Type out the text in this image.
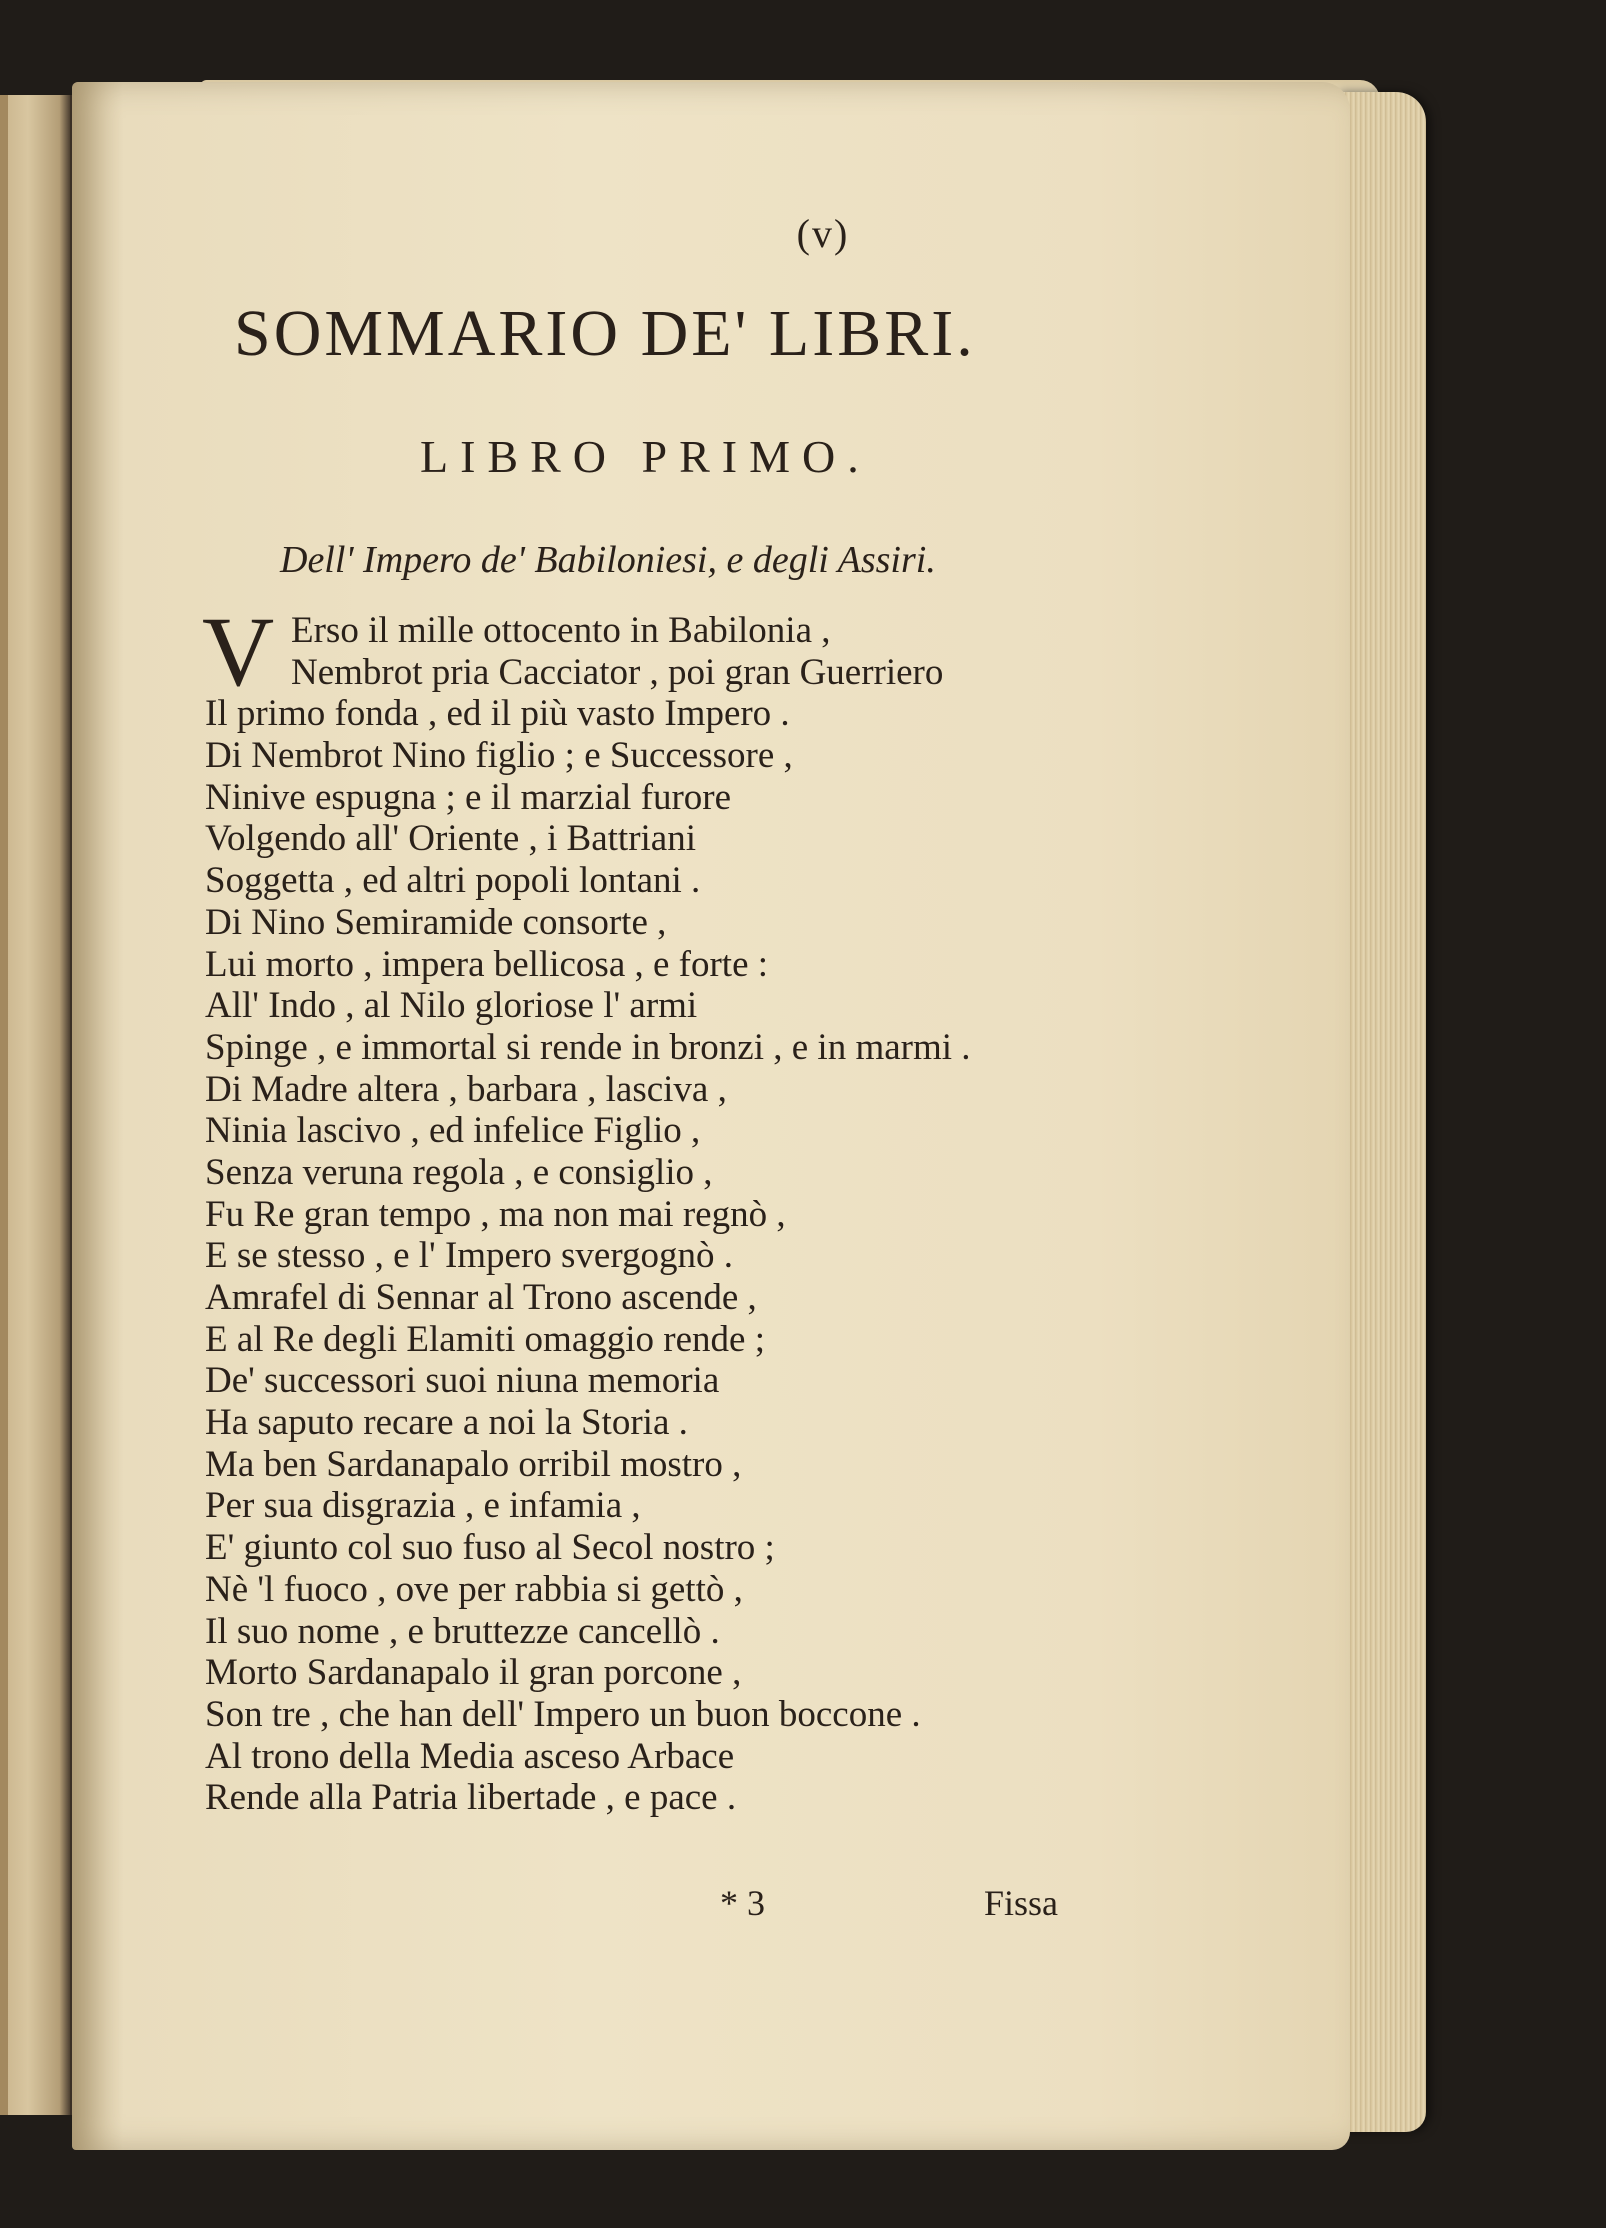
(v)
SOMMARIO DE' LIBRI.
LIBRO PRIMO.
Dell' Impero de' Babiloniesi, e degli Assiri.
V Erso il mille ottocento in Babilonia ,
Nembrot pria Cacciator , poi gran Guerriero
Il primo fonda , ed il più vasto Impero .
Di Nembrot Nino figlio ; e Successore ,
Ninive espugna ; e il marzial furore
Volgendo all' Oriente , i Battriani
Soggetta , ed altri popoli lontani .
Di Nino Semiramide consorte ,
Lui morto , impera bellicosa , e forte :
All' Indo , al Nilo gloriose l' armi
Spinge , e immortal si rende in bronzi , e in marmi .
Di Madre altera , barbara , lasciva ,
Ninia lascivo , ed infelice Figlio ,
Senza veruna regola , e consiglio ,
Fu Re gran tempo , ma non mai regnò ,
E se stesso , e l' Impero svergognò .
Amrafel di Sennar al Trono ascende ,
E al Re degli Elamiti omaggio rende ;
De' successori suoi niuna memoria
Ha saputo recare a noi la Storia .
Ma ben Sardanapalo orribil mostro ,
Per sua disgrazia , e infamia ,
E' giunto col suo fuso al Secol nostro ;
Nè 'l fuoco , ove per rabbia si gettò ,
Il suo nome , e bruttezze cancellò .
Morto Sardanapalo il gran porcone ,
Son tre , che han dell' Impero un buon boccone .
Al trono della Media asceso Arbace
Rende alla Patria libertade , e pace .
* 3	Fissa
